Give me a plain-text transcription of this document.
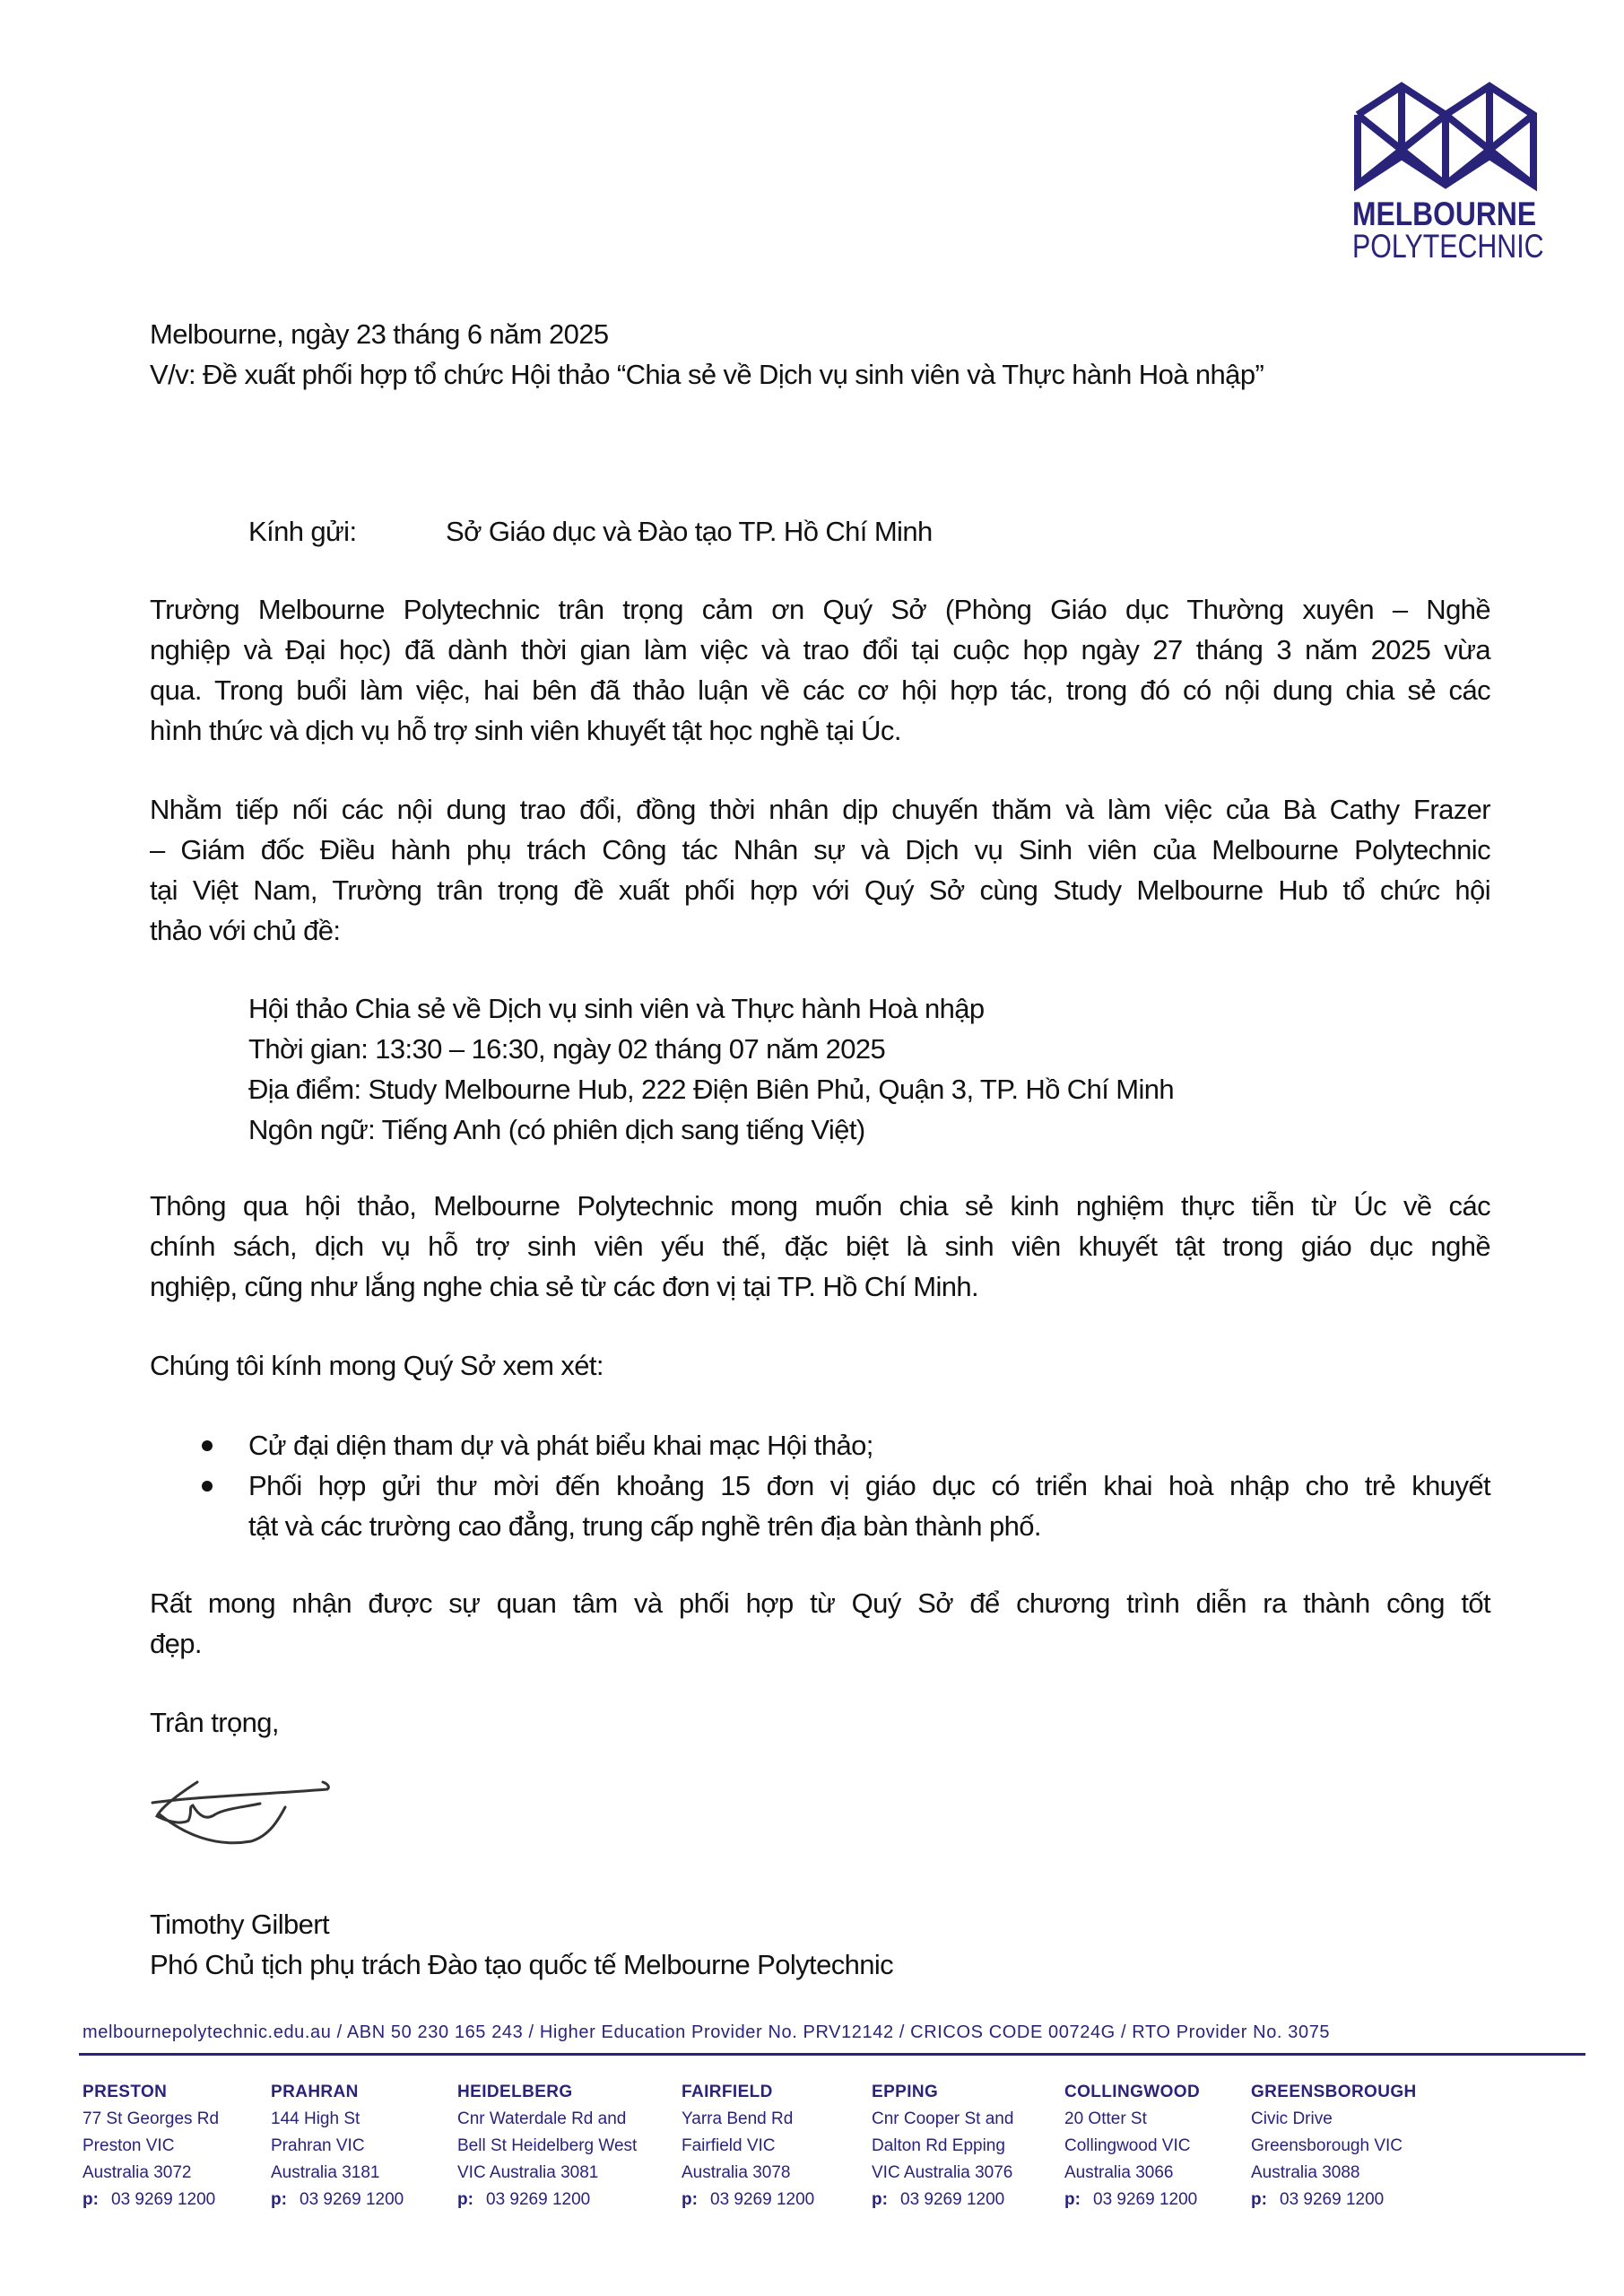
MELBOURNE
POLYTECHNIC
Melbourne, ngày 23 tháng 6 năm 2025
V/v: Đề xuất phối hợp tổ chức Hội thảo “Chia sẻ về Dịch vụ sinh viên và Thực hành Hoà nhập”
Kính gửi:	Sở Giáo dục và Đào tạo TP. Hồ Chí Minh
Trường Melbourne Polytechnic trân trọng cảm ơn Quý Sở (Phòng Giáo dục Thường xuyên – Nghề
nghiệp và Đại học) đã dành thời gian làm việc và trao đổi tại cuộc họp ngày 27 tháng 3 năm 2025 vừa
qua. Trong buổi làm việc, hai bên đã thảo luận về các cơ hội hợp tác, trong đó có nội dung chia sẻ các
hình thức và dịch vụ hỗ trợ sinh viên khuyết tật học nghề tại Úc.
Nhằm tiếp nối các nội dung trao đổi, đồng thời nhân dịp chuyến thăm và làm việc của Bà Cathy Frazer
– Giám đốc Điều hành phụ trách Công tác Nhân sự và Dịch vụ Sinh viên của Melbourne Polytechnic
tại Việt Nam, Trường trân trọng đề xuất phối hợp với Quý Sở cùng Study Melbourne Hub tổ chức hội
thảo với chủ đề:
Hội thảo Chia sẻ về Dịch vụ sinh viên và Thực hành Hoà nhập
Thời gian: 13:30 – 16:30, ngày 02 tháng 07 năm 2025
Địa điểm: Study Melbourne Hub, 222 Điện Biên Phủ, Quận 3, TP. Hồ Chí Minh
Ngôn ngữ: Tiếng Anh (có phiên dịch sang tiếng Việt)
Thông qua hội thảo, Melbourne Polytechnic mong muốn chia sẻ kinh nghiệm thực tiễn từ Úc về các
chính sách, dịch vụ hỗ trợ sinh viên yếu thế, đặc biệt là sinh viên khuyết tật trong giáo dục nghề
nghiệp, cũng như lắng nghe chia sẻ từ các đơn vị tại TP. Hồ Chí Minh.
Chúng tôi kính mong Quý Sở xem xét:
Cử đại diện tham dự và phát biểu khai mạc Hội thảo;
Phối hợp gửi thư mời đến khoảng 15 đơn vị giáo dục có triển khai hoà nhập cho trẻ khuyết
tật và các trường cao đẳng, trung cấp nghề trên địa bàn thành phố.
Rất mong nhận được sự quan tâm và phối hợp từ Quý Sở để chương trình diễn ra thành công tốt
đẹp.
Trân trọng,
Timothy Gilbert
Phó Chủ tịch phụ trách Đào tạo quốc tế Melbourne Polytechnic
melbournepolytechnic.edu.au / ABN 50 230 165 243 / Higher Education Provider No. PRV12142 / CRICOS CODE 00724G / RTO Provider No. 3075
PRESTON
77 St Georges Rd
Preston VIC
Australia 3072
p: 03 9269 1200
PRAHRAN
144 High St
Prahran VIC
Australia 3181
p: 03 9269 1200
HEIDELBERG
Cnr Waterdale Rd and
Bell St Heidelberg West
VIC Australia 3081
p: 03 9269 1200
FAIRFIELD
Yarra Bend Rd
Fairfield VIC
Australia 3078
p: 03 9269 1200
EPPING
Cnr Cooper St and
Dalton Rd Epping
VIC Australia 3076
p: 03 9269 1200
COLLINGWOOD
20 Otter St
Collingwood VIC
Australia 3066
p: 03 9269 1200
GREENSBOROUGH
Civic Drive
Greensborough VIC
Australia 3088
p: 03 9269 1200
